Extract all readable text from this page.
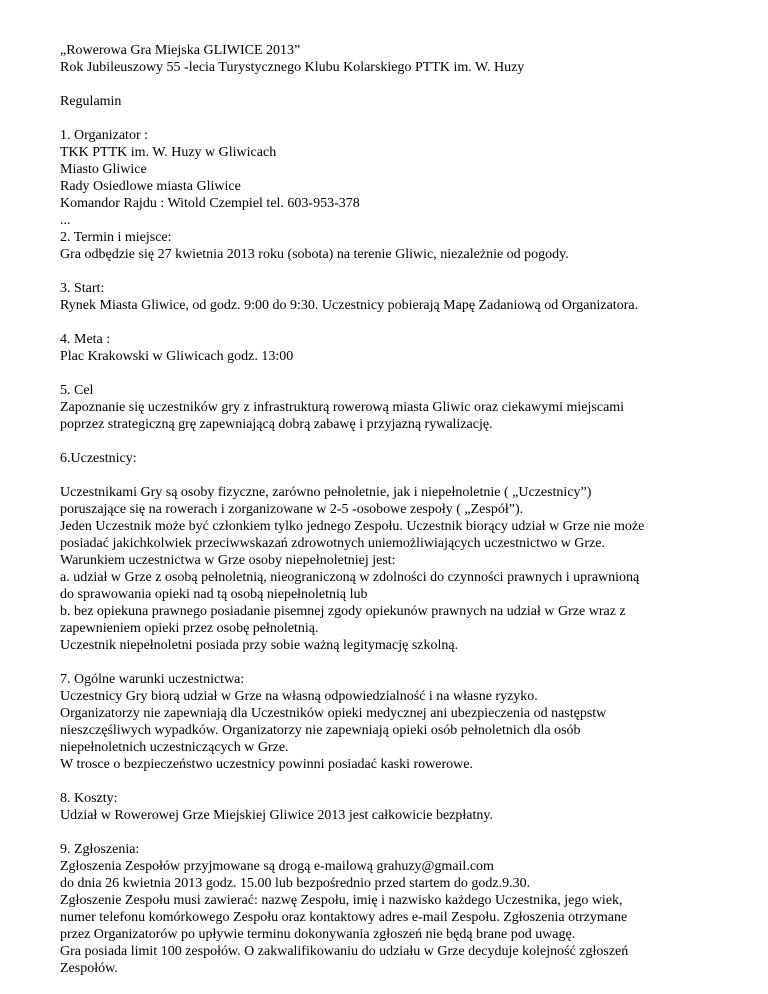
„Rowerowa Gra Miejska GLIWICE 2013”
Rok Jubileuszowy 55 -lecia Turystycznego Klubu Kolarskiego PTTK im. W. Huzy
Regulamin
1. Organizator :
TKK PTTK im. W. Huzy w Gliwicach
Miasto Gliwice
Rady Osiedlowe miasta Gliwice
Komandor Rajdu : Witold Czempiel tel. 603-953-378
...
2. Termin i miejsce:
Gra odbędzie się 27 kwietnia 2013 roku (sobota) na terenie Gliwic, niezależnie od pogody.
3. Start:
Rynek Miasta Gliwice, od godz. 9:00 do 9:30. Uczestnicy pobierają Mapę Zadaniową od Organizatora.
4. Meta :
Plac Krakowski w Gliwicach godz. 13:00
5. Cel
Zapoznanie się uczestników gry z infrastrukturą rowerową miasta Gliwic oraz ciekawymi miejscami
poprzez strategiczną grę zapewniającą dobrą zabawę i przyjazną rywalizację.
6.Uczestnicy:
Uczestnikami Gry są osoby fizyczne, zarówno pełnoletnie, jak i niepełnoletnie ( „Uczestnicy”)
poruszające się na rowerach i zorganizowane w 2-5 -osobowe zespoły ( „Zespół”).
Jeden Uczestnik może być członkiem tylko jednego Zespołu. Uczestnik biorący udział w Grze nie może
posiadać jakichkolwiek przeciwwskazań zdrowotnych uniemożliwiających uczestnictwo w Grze.
Warunkiem uczestnictwa w Grze osoby niepełnoletniej jest:
a. udział w Grze z osobą pełnoletnią, nieograniczoną w zdolności do czynności prawnych i uprawnioną
do sprawowania opieki nad tą osobą niepełnoletnią lub
b. bez opiekuna prawnego posiadanie pisemnej zgody opiekunów prawnych na udział w Grze wraz z
zapewnieniem opieki przez osobę pełnoletnią.
Uczestnik niepełnoletni posiada przy sobie ważną legitymację szkolną.
7. Ogólne warunki uczestnictwa:
Uczestnicy Gry biorą udział w Grze na własną odpowiedzialność i na własne ryzyko.
Organizatorzy nie zapewniają dla Uczestników opieki medycznej ani ubezpieczenia od następstw
nieszczęśliwych wypadków. Organizatorzy nie zapewniają opieki osób pełnoletnich dla osób
niepełnoletnich uczestniczących w Grze.
W trosce o bezpieczeństwo uczestnicy powinni posiadać kaski rowerowe.
8. Koszty:
Udział w Rowerowej Grze Miejskiej Gliwice 2013 jest całkowicie bezpłatny.
9. Zgłoszenia:
Zgłoszenia Zespołów przyjmowane są drogą e-mailową grahuzy@gmail.com
do dnia 26 kwietnia 2013 godz. 15.00 lub bezpośrednio przed startem do godz.9.30.
Zgłoszenie Zespołu musi zawierać: nazwę Zespołu, imię i nazwisko każdego Uczestnika, jego wiek,
numer telefonu komórkowego Zespołu oraz kontaktowy adres e-mail Zespołu. Zgłoszenia otrzymane
przez Organizatorów po upływie terminu dokonywania zgłoszeń nie będą brane pod uwagę.
Gra posiada limit 100 zespołów. O zakwalifikowaniu do udziału w Grze decyduje kolejność zgłoszeń
Zespołów.
